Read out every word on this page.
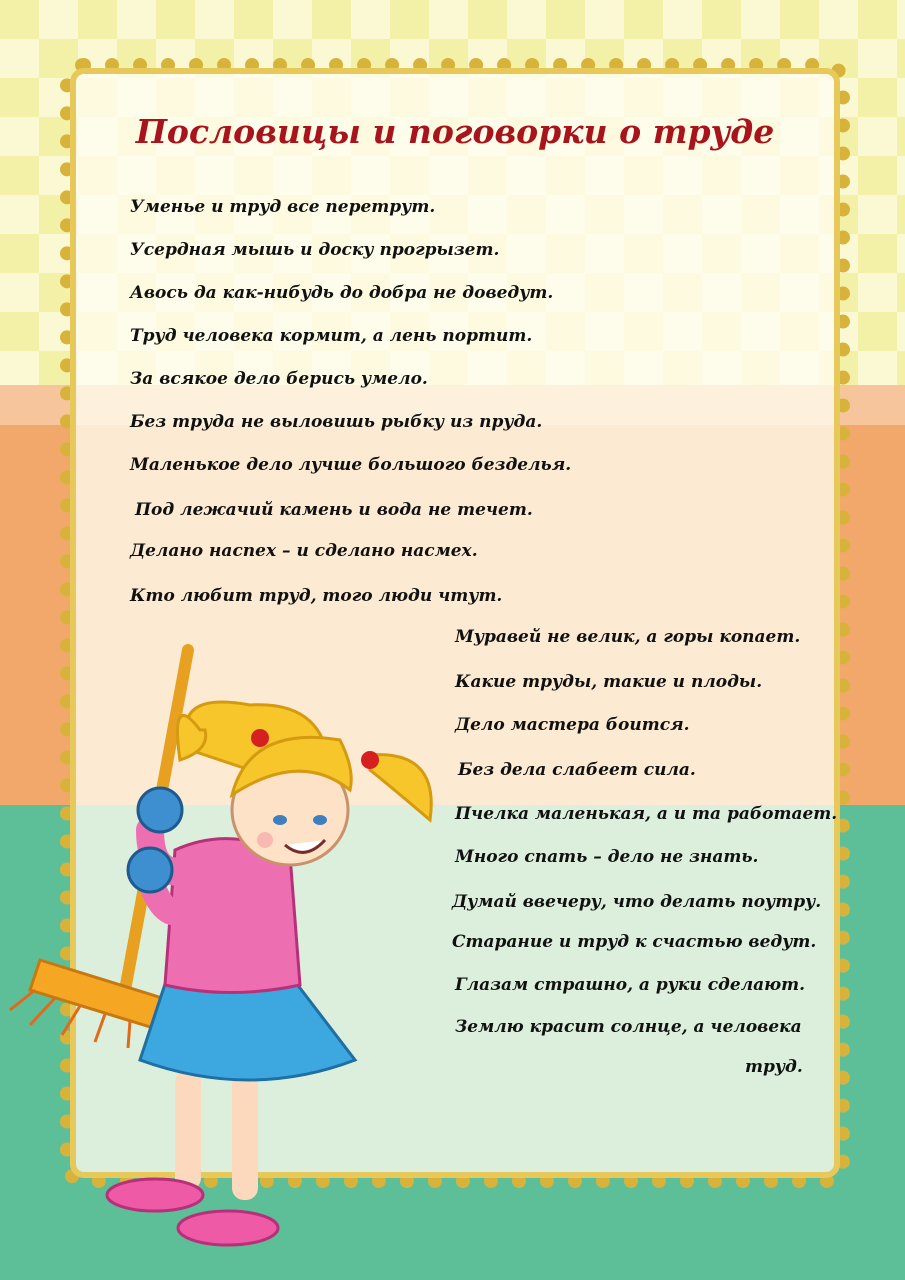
Пословицы и поговорки о труде

Уменье и труд все перетрут.

Усердная мышь и доску прогрызет.

Авось да как-нибудь до добра не доведут.

Труд человека кормит, а лень портит.

За всякое дело берись умело.

Без труда не выловишь рыбку из пруда.

Маленькое дело лучше большого безделья.

Под лежачий камень и вода не течет.

Делано наспех – и сделано насмех.

Кто любит труд, того люди чтут.

Муравей не велик, а горы копает.

Какие труды, такие и плоды.

Дело мастера боится.

Без дела слабеет сила.

Пчелка маленькая, а и та работает.

Много спать – дело не знать.

Думай ввечеру, что делать поутру.

Старание и труд к счастью ведут.

Глазам страшно, а руки сделают.

Землю красит солнце, а человека

труд.
